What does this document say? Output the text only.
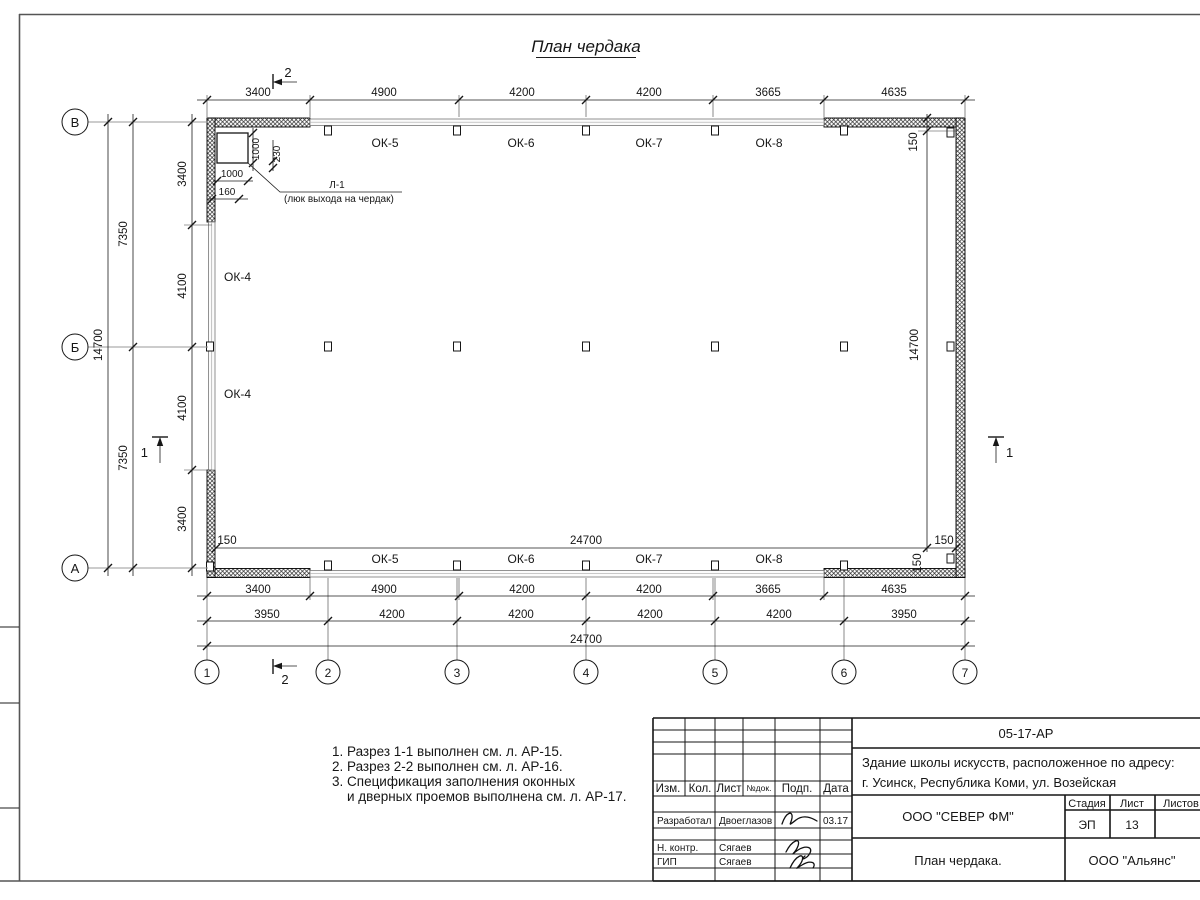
План чердака
1000 230
1000
160
Л-1
(люк выхода на чердак)
ОК-5	ОК-6	ОК-7	ОК-8
ОК-5	ОК-6	ОК-7	ОК-8
ОК-4
ОК-4
3400	4900	4200	4200	3665	4635
150	24700	150
150
150
14700
3400	4900	4200	4200	3665	4635
3950	4200	4200	4200	4200	3950
24700
14700
7350
7350
3400
4100
4100
3400
В
Б
А
1	2	3	4	5	6	7
2
2
1	1
1. Разрез 1-1 выполнен см. л. АР-15.
2. Разрез 2-2 выполнен см. л. АР-16.
3. Спецификация заполнения оконных
и дверных проемов выполнена см. л. АР-17.	Изм. Кол. Лист №док. Подп. Дата
Разработал Двоеглазов	03.17
Н. контр. Сягаев
ГИП	Сягаев
05-17-АР
Здание школы искусств, расположенное по адресу:
г. Усинск, Республика Коми, ул. Возейская
ООО "СЕВЕР ФМ"
Стадия Лист Листов
ЭП 13
План чердака.	ООО "Альянс"
